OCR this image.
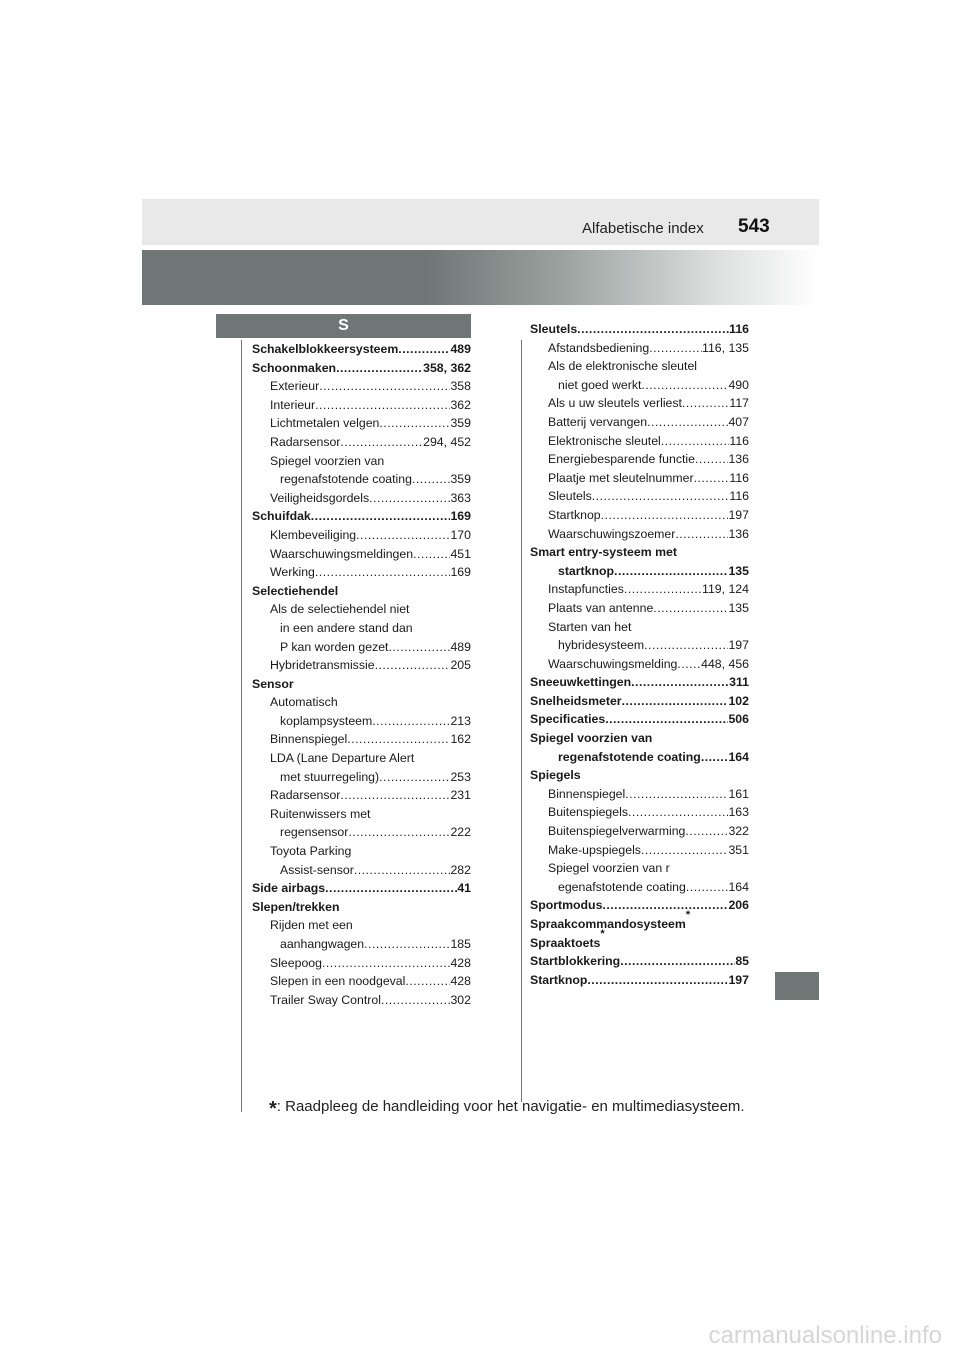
Alfabetische index 543
S
Schakelblokkeersysteem .....	489
Schoonmaken .....	358, 362
Exterieur .....	358
Interieur .....	362
Lichtmetalen velgen .....	359
Radarsensor .....	294, 452
Spiegel voorzien van
regenafstotende coating .....	359
Veiligheidsgordels .....	363
Schuifdak .....	169
Klembeveiliging .....	170
Waarschuwingsmeldingen .....	451
Werking .....	169
Selectiehendel
Als de selectiehendel niet
in een andere stand dan
P kan worden gezet .....	489
Hybridetransmissie .....	205
Sensor
Automatisch
koplampsysteem .....	213
Binnenspiegel .....	162
LDA (Lane Departure Alert
met stuurregeling) .....	253
Radarsensor .....	231
Ruitenwissers met
regensensor .....	222
Toyota Parking
Assist-sensor .....	282
Side airbags .....	41
Slepen/trekken
Rijden met een
aanhangwagen .....	185
Sleepoog .....	428
Slepen in een noodgeval .....	428
Trailer Sway Control .....	302
Sleutels .....	116
Afstandsbediening .....	116, 135
Als de elektronische sleutel
niet goed werkt .....	490
Als u uw sleutels verliest .....	117
Batterij vervangen .....	407
Elektronische sleutel .....	116
Energiebesparende functie .....	136
Plaatje met sleutelnummer .....	116
Sleutels .....	116
Startknop .....	197
Waarschuwingszoemer .....	136
Smart entry-systeem met
startknop .....	135
Instapfuncties .....	119, 124
Plaats van antenne .....	135
Starten van het
hybridesysteem .....	197
Waarschuwingsmelding ..... 448, 456
Sneeuwkettingen .....	311
Snelheidsmeter .....	102
Specificaties .....	506
Spiegel voorzien van
regenafstotende coating ..... 164
Spiegels
Binnenspiegel .....	161
Buitenspiegels .....	163
Buitenspiegelverwarming .....	322
Make-upspiegels .....	351
Spiegel voorzien van r
egenafstotende coating .....	164
Sportmodus .....	206
Spraakcommandosysteem
*
Spraaktoets
*
Startblokkering .....	85
Startknop .....	197
*: Raadpleeg de handleiding voor het navigatie- en multimediasysteem.
carmanualsonline.info
